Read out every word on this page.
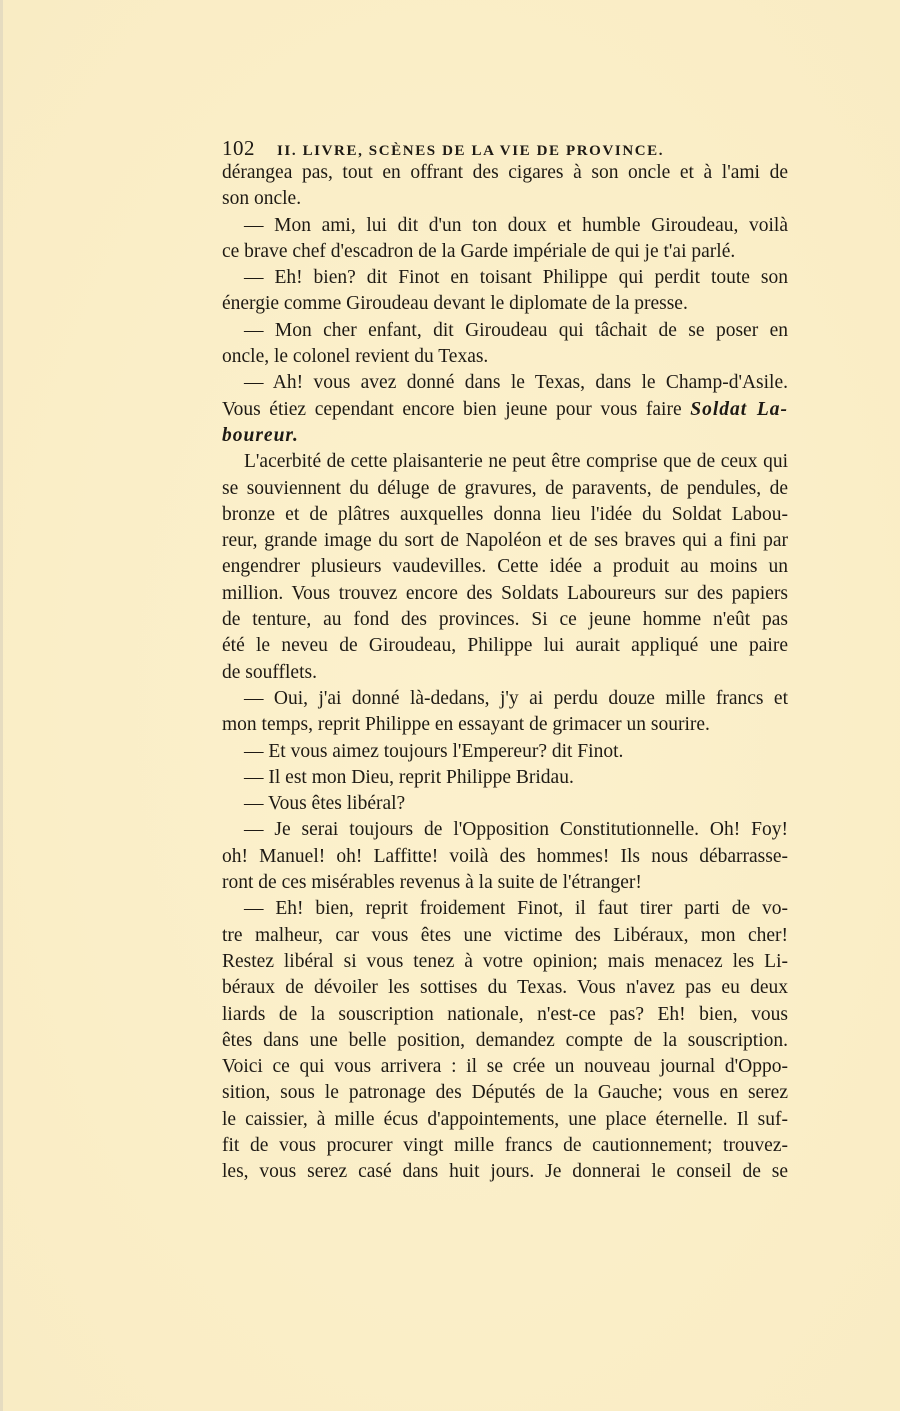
102 II. LIVRE, SCÈNES DE LA VIE DE PROVINCE.
dérangea pas, tout en offrant des cigares à son oncle et à l'ami de
son oncle.
— Mon ami, lui dit d'un ton doux et humble Giroudeau, voilà
ce brave chef d'escadron de la Garde impériale de qui je t'ai parlé.
— Eh! bien? dit Finot en toisant Philippe qui perdit toute son
énergie comme Giroudeau devant le diplomate de la presse.
— Mon cher enfant, dit Giroudeau qui tâchait de se poser en
oncle, le colonel revient du Texas.
— Ah! vous avez donné dans le Texas, dans le Champ-d'Asile.
Vous étiez cependant encore bien jeune pour vous faire Soldat La-
boureur.
L'acerbité de cette plaisanterie ne peut être comprise que de ceux qui
se souviennent du déluge de gravures, de paravents, de pendules, de
bronze et de plâtres auxquelles donna lieu l'idée du Soldat Labou-
reur, grande image du sort de Napoléon et de ses braves qui a fini par
engendrer plusieurs vaudevilles. Cette idée a produit au moins un
million. Vous trouvez encore des Soldats Laboureurs sur des papiers
de tenture, au fond des provinces. Si ce jeune homme n'eût pas
été le neveu de Giroudeau, Philippe lui aurait appliqué une paire
de soufflets.
— Oui, j'ai donné là-dedans, j'y ai perdu douze mille francs et
mon temps, reprit Philippe en essayant de grimacer un sourire.
— Et vous aimez toujours l'Empereur? dit Finot.
— Il est mon Dieu, reprit Philippe Bridau.
— Vous êtes libéral?
— Je serai toujours de l'Opposition Constitutionnelle. Oh! Foy!
oh! Manuel! oh! Laffitte! voilà des hommes! Ils nous débarrasse-
ront de ces misérables revenus à la suite de l'étranger!
— Eh! bien, reprit froidement Finot, il faut tirer parti de vo-
tre malheur, car vous êtes une victime des Libéraux, mon cher!
Restez libéral si vous tenez à votre opinion; mais menacez les Li-
béraux de dévoiler les sottises du Texas. Vous n'avez pas eu deux
liards de la souscription nationale, n'est-ce pas? Eh! bien, vous
êtes dans une belle position, demandez compte de la souscription.
Voici ce qui vous arrivera : il se crée un nouveau journal d'Oppo-
sition, sous le patronage des Députés de la Gauche; vous en serez
le caissier, à mille écus d'appointements, une place éternelle. Il suf-
fit de vous procurer vingt mille francs de cautionnement; trouvez-
les, vous serez casé dans huit jours. Je donnerai le conseil de se
